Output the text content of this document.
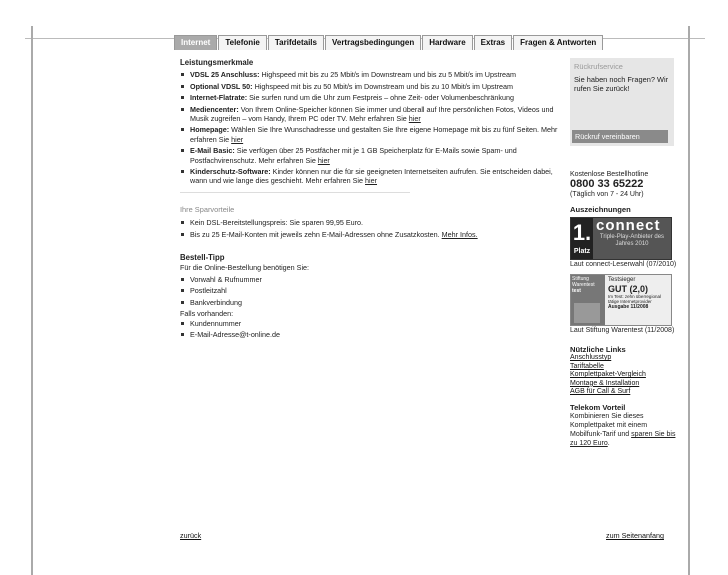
Internet	Telefonie	Tarifdetails	Vertragsbedingungen	Hardware	Extras	Fragen & Antworten
Leistungsmerkmale
VDSL 25 Anschluss: Highspeed mit bis zu 25 Mbit/s im Downstream und bis zu 5 Mbit/s im Upstream
Optional VDSL 50: Highspeed mit bis zu 50 Mbit/s im Downstream und bis zu 10 Mbit/s im Upstream
Internet-Flatrate: Sie surfen rund um die Uhr zum Festpreis – ohne Zeit- oder Volumenbeschränkung
Mediencenter: Von Ihrem Online-Speicher können Sie immer und überall auf Ihre persönlichen Fotos, Videos und Musik zugreifen – vom Handy, Ihrem PC oder TV. Mehr erfahren Sie hier
Homepage: Wählen Sie Ihre Wunschadresse und gestalten Sie Ihre eigene Homepage mit bis zu fünf Seiten. Mehr erfahren Sie hier
E-Mail Basic: Sie verfügen über 25 Postfächer mit je 1 GB Speicherplatz für E-Mails sowie Spam- und Postfachvirenschutz. Mehr erfahren Sie hier
Kinderschutz-Software: Kinder können nur die für sie geeigneten Internetseiten aufrufen. Sie entscheiden dabei, wann und wie lange dies geschieht. Mehr erfahren Sie hier
Ihre Sparvorteile
Kein DSL-Bereitstellungspreis: Sie sparen 99,95 Euro.
Bis zu 25 E-Mail-Konten mit jeweils zehn E-Mail-Adressen ohne Zusatzkosten. Mehr Infos.
Bestell-Tipp
Für die Online-Bestellung benötigen Sie:
Vorwahl & Rufnummer
Postleitzahl
Bankverbindung
Falls vorhanden:
Kundennummer
E-Mail-Adresse@t-online.de
Rückrufservice
Sie haben noch Fragen? Wir rufen Sie zurück!
Rückruf vereinbaren
Kostenlose Bestellhotline
0800 33 65222
(Täglich von 7 - 24 Uhr)
Auszeichnungen
1.
Platz
connect
Triple-Play-Anbieter des Jahres 2010
Laut connect-Leserwahl (07/2010)
Stiftung Warentest
test
Testsieger
GUT (2,0)
Im Test: zehn überregional tätige Internetprovider
Ausgabe 11/2008
Laut Stiftung Warentest (11/2008)
Nützliche Links
Anschlusstyp
Tariftabelle
Komplettpaket-Vergleich
Montage & Installation
AGB für Call & Surf
Telekom Vorteil
Kombinieren Sie dieses Komplettpaket mit einem Mobilfunk-Tarif und sparen Sie bis zu 120 Euro.
zurück	zum Seitenanfang
